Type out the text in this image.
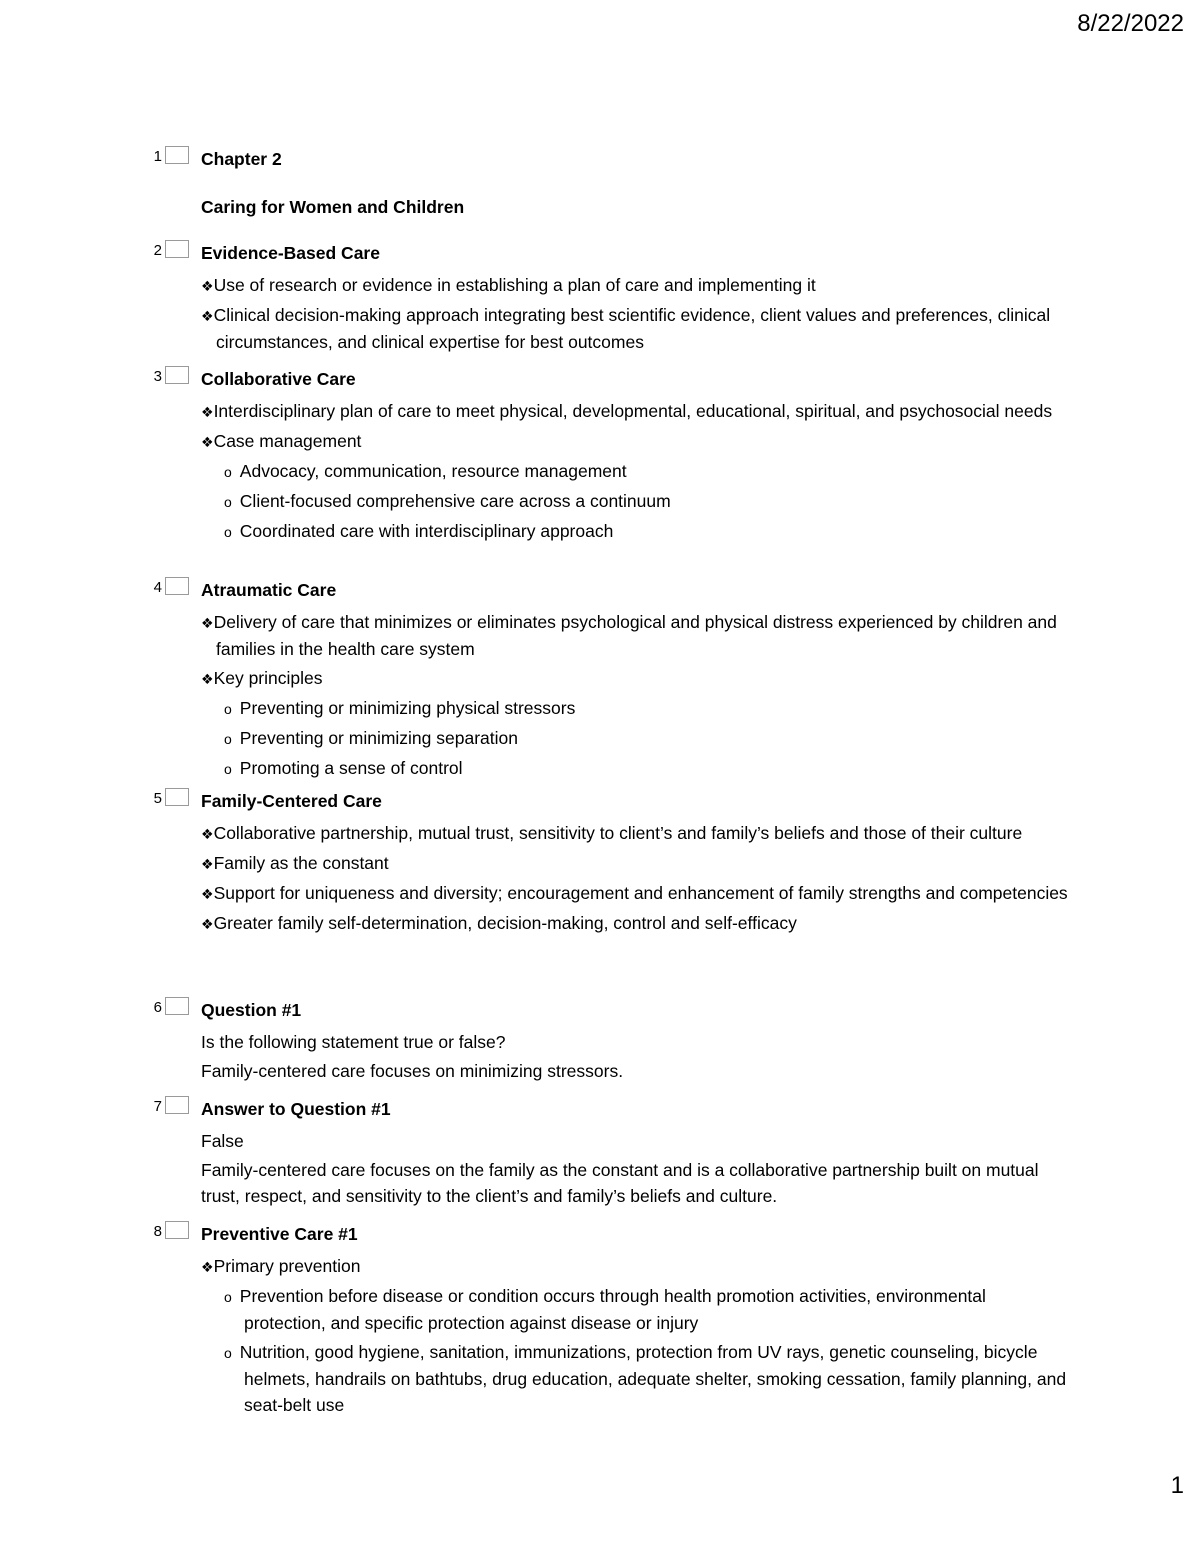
8/22/2022
1 Chapter 2
Caring for Women and Children
2 Evidence-Based Care
❖Use of research or evidence in establishing a plan of care and implementing it
❖Clinical decision-making approach integrating best scientific evidence, client values and preferences, clinical circumstances, and clinical expertise for best outcomes
3 Collaborative Care
❖Interdisciplinary plan of care to meet physical, developmental, educational, spiritual, and psychosocial needs
❖Case management
o Advocacy, communication, resource management
o Client-focused comprehensive care across a continuum
o Coordinated care with interdisciplinary approach
4 Atraumatic Care
❖Delivery of care that minimizes or eliminates psychological and physical distress experienced by children and families in the health care system
❖Key principles
o Preventing or minimizing physical stressors
o Preventing or minimizing separation
o Promoting a sense of control
5 Family-Centered Care
❖Collaborative partnership, mutual trust, sensitivity to client’s and family’s beliefs and those of their culture
❖Family as the constant
❖Support for uniqueness and diversity; encouragement and enhancement of family strengths and competencies
❖Greater family self-determination, decision-making, control and self-efficacy
6 Question #1
Is the following statement true or false?
Family-centered care focuses on minimizing stressors.
7 Answer to Question #1
False
Family-centered care focuses on the family as the constant and is a collaborative partnership built on mutual trust, respect, and sensitivity to the client’s and family’s beliefs and culture.
8 Preventive Care #1
❖Primary prevention
o Prevention before disease or condition occurs through health promotion activities, environmental protection, and specific protection against disease or injury
o Nutrition, good hygiene, sanitation, immunizations, protection from UV rays, genetic counseling, bicycle helmets, handrails on bathtubs, drug education, adequate shelter, smoking cessation, family planning, and seat-belt use
1
